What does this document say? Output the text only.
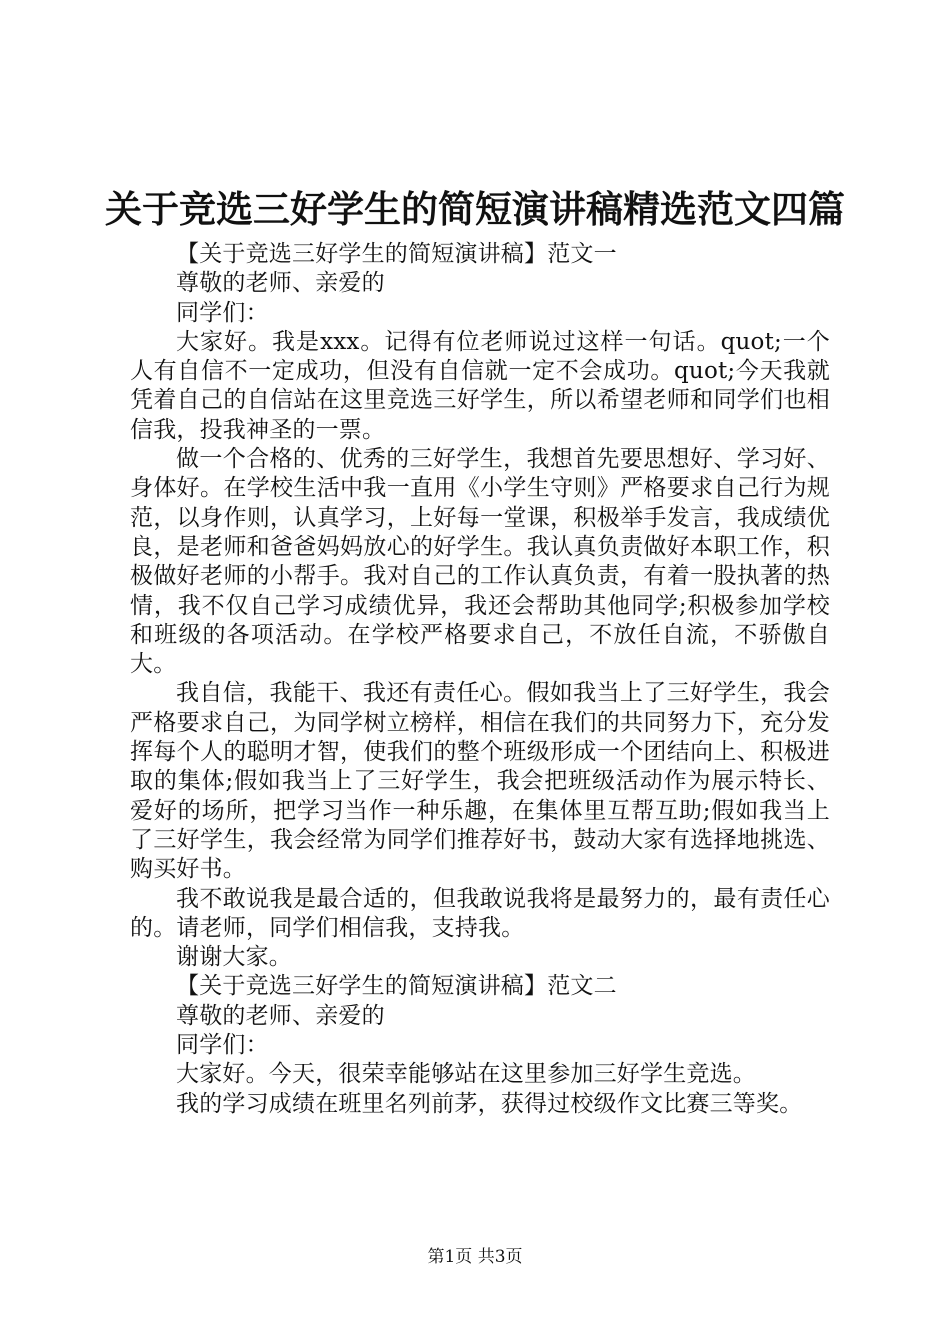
关于竞选三好学生的简短演讲稿精选范文四篇

【关于竞选三好学生的简短演讲稿】范文一

尊敬的老师、亲爱的

同学们：

大家好。我是xxx。记得有位老师说过这样一句话。quot;一个人有自信不一定成功，但没有自信就一定不会成功。quot;今天我就凭着自己的自信站在这里竞选三好学生，所以希望老师和同学们也相信我，投我神圣的一票。

做一个合格的、优秀的三好学生，我想首先要思想好、学习好、身体好。在学校生活中我一直用《小学生守则》严格要求自己行为规范，以身作则，认真学习，上好每一堂课，积极举手发言，我成绩优良，是老师和爸爸妈妈放心的好学生。我认真负责做好本职工作，积极做好老师的小帮手。我对自己的工作认真负责，有着一股执著的热情，我不仅自己学习成绩优异，我还会帮助其他同学;积极参加学校和班级的各项活动。在学校严格要求自己，不放任自流，不骄傲自大。

我自信，我能干、我还有责任心。假如我当上了三好学生，我会严格要求自己，为同学树立榜样，相信在我们的共同努力下，充分发挥每个人的聪明才智，使我们的整个班级形成一个团结向上、积极进取的集体;假如我当上了三好学生，我会把班级活动作为展示特长、爱好的场所，把学习当作一种乐趣，在集体里互帮互助;假如我当上了三好学生，我会经常为同学们推荐好书，鼓动大家有选择地挑选、购买好书。

我不敢说我是最合适的，但我敢说我将是最努力的，最有责任心的。请老师，同学们相信我，支持我。

谢谢大家。

【关于竞选三好学生的简短演讲稿】范文二

尊敬的老师、亲爱的

同学们：

大家好。今天，很荣幸能够站在这里参加三好学生竞选。

我的学习成绩在班里名列前茅，获得过校级作文比赛三等奖。

第1页 共3页
